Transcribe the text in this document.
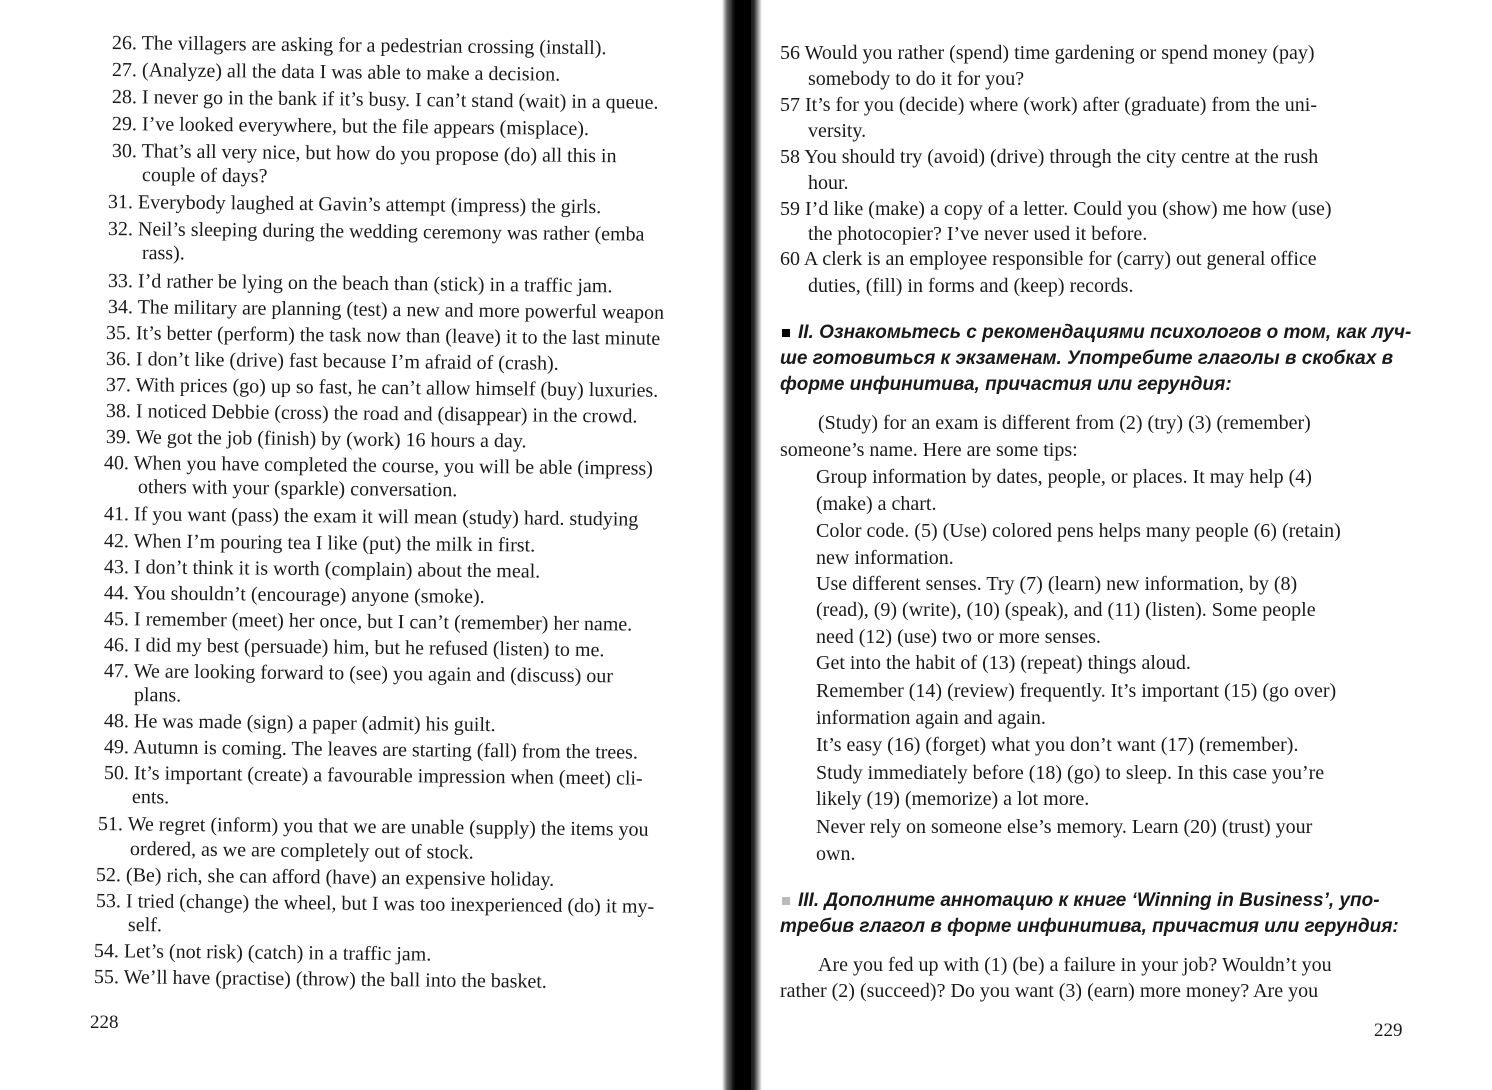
26. The villagers are asking for a pedestrian crossing (install).
27. (Analyze) all the data I was able to make a decision.
28. I never go in the bank if it’s busy. I can’t stand (wait) in a queue.
29. I’ve looked everywhere, but the file appears (misplace).
30. That’s all very nice, but how do you propose (do) all this in
couple of days?
31. Everybody laughed at Gavin’s attempt (impress) the girls.
32. Neil’s sleeping during the wedding ceremony was rather (emba
rass).
33. I’d rather be lying on the beach than (stick) in a traffic jam.
34. The military are planning (test) a new and more powerful weapon
35. It’s better (perform) the task now than (leave) it to the last minute
36. I don’t like (drive) fast because I’m afraid of (crash).
37. With prices (go) up so fast, he can’t allow himself (buy) luxuries.
38. I noticed Debbie (cross) the road and (disappear) in the crowd.
39. We got the job (finish) by (work) 16 hours a day.
40. When you have completed the course, you will be able (impress)
others with your (sparkle) conversation.
41. If you want (pass) the exam it will mean (study) hard. studying
42. When I’m pouring tea I like (put) the milk in first.
43. I don’t think it is worth (complain) about the meal.
44. You shouldn’t (encourage) anyone (smoke).
45. I remember (meet) her once, but I can’t (remember) her name.
46. I did my best (persuade) him, but he refused (listen) to me.
47. We are looking forward to (see) you again and (discuss) our
plans.
48. He was made (sign) a paper (admit) his guilt.
49. Autumn is coming. The leaves are starting (fall) from the trees.
50. It’s important (create) a favourable impression when (meet) cli-
ents.
51. We regret (inform) you that we are unable (supply) the items you
ordered, as we are completely out of stock.
52. (Be) rich, she can afford (have) an expensive holiday.
53. I tried (change) the wheel, but I was too inexperienced (do) it my-
self.
54. Let’s (not risk) (catch) in a traffic jam.
55. We’ll have (practise) (throw) the ball into the basket.
228
56 Would you rather (spend) time gardening or spend money (pay)
somebody to do it for you?
57 It’s for you (decide) where (work) after (graduate) from the uni-
versity.
58 You should try (avoid) (drive) through the city centre at the rush
hour.
59 I’d like (make) a copy of a letter. Could you (show) me how (use)
the photocopier? I’ve never used it before.
60 A clerk is an employee responsible for (carry) out general office
duties, (fill) in forms and (keep) records.
II. Ознакомьтесь с рекомендациями психологов о том, как луч-
ше готовиться к экзаменам. Употребите глаголы в скобках в
форме инфинитива, причастия или герундия:
(Study) for an exam is different from (2) (try) (3) (remember)
someone’s name. Here are some tips:
Group information by dates, people, or places. It may help (4)
(make) a chart.
Color code. (5) (Use) colored pens helps many people (6) (retain)
new information.
Use different senses. Try (7) (learn) new information, by (8)
(read), (9) (write), (10) (speak), and (11) (listen). Some people
need (12) (use) two or more senses.
Get into the habit of (13) (repeat) things aloud.
Remember (14) (review) frequently. It’s important (15) (go over)
information again and again.
It’s easy (16) (forget) what you don’t want (17) (remember).
Study immediately before (18) (go) to sleep. In this case you’re
likely (19) (memorize) a lot more.
Never rely on someone else’s memory. Learn (20) (trust) your
own.
III. Дополните аннотацию к книге ‘Winning in Business’, упо-
требив глагол в форме инфинитива, причастия или герундия:
Are you fed up with (1) (be) a failure in your job? Wouldn’t you
rather (2) (succeed)? Do you want (3) (earn) more money? Are you
229
